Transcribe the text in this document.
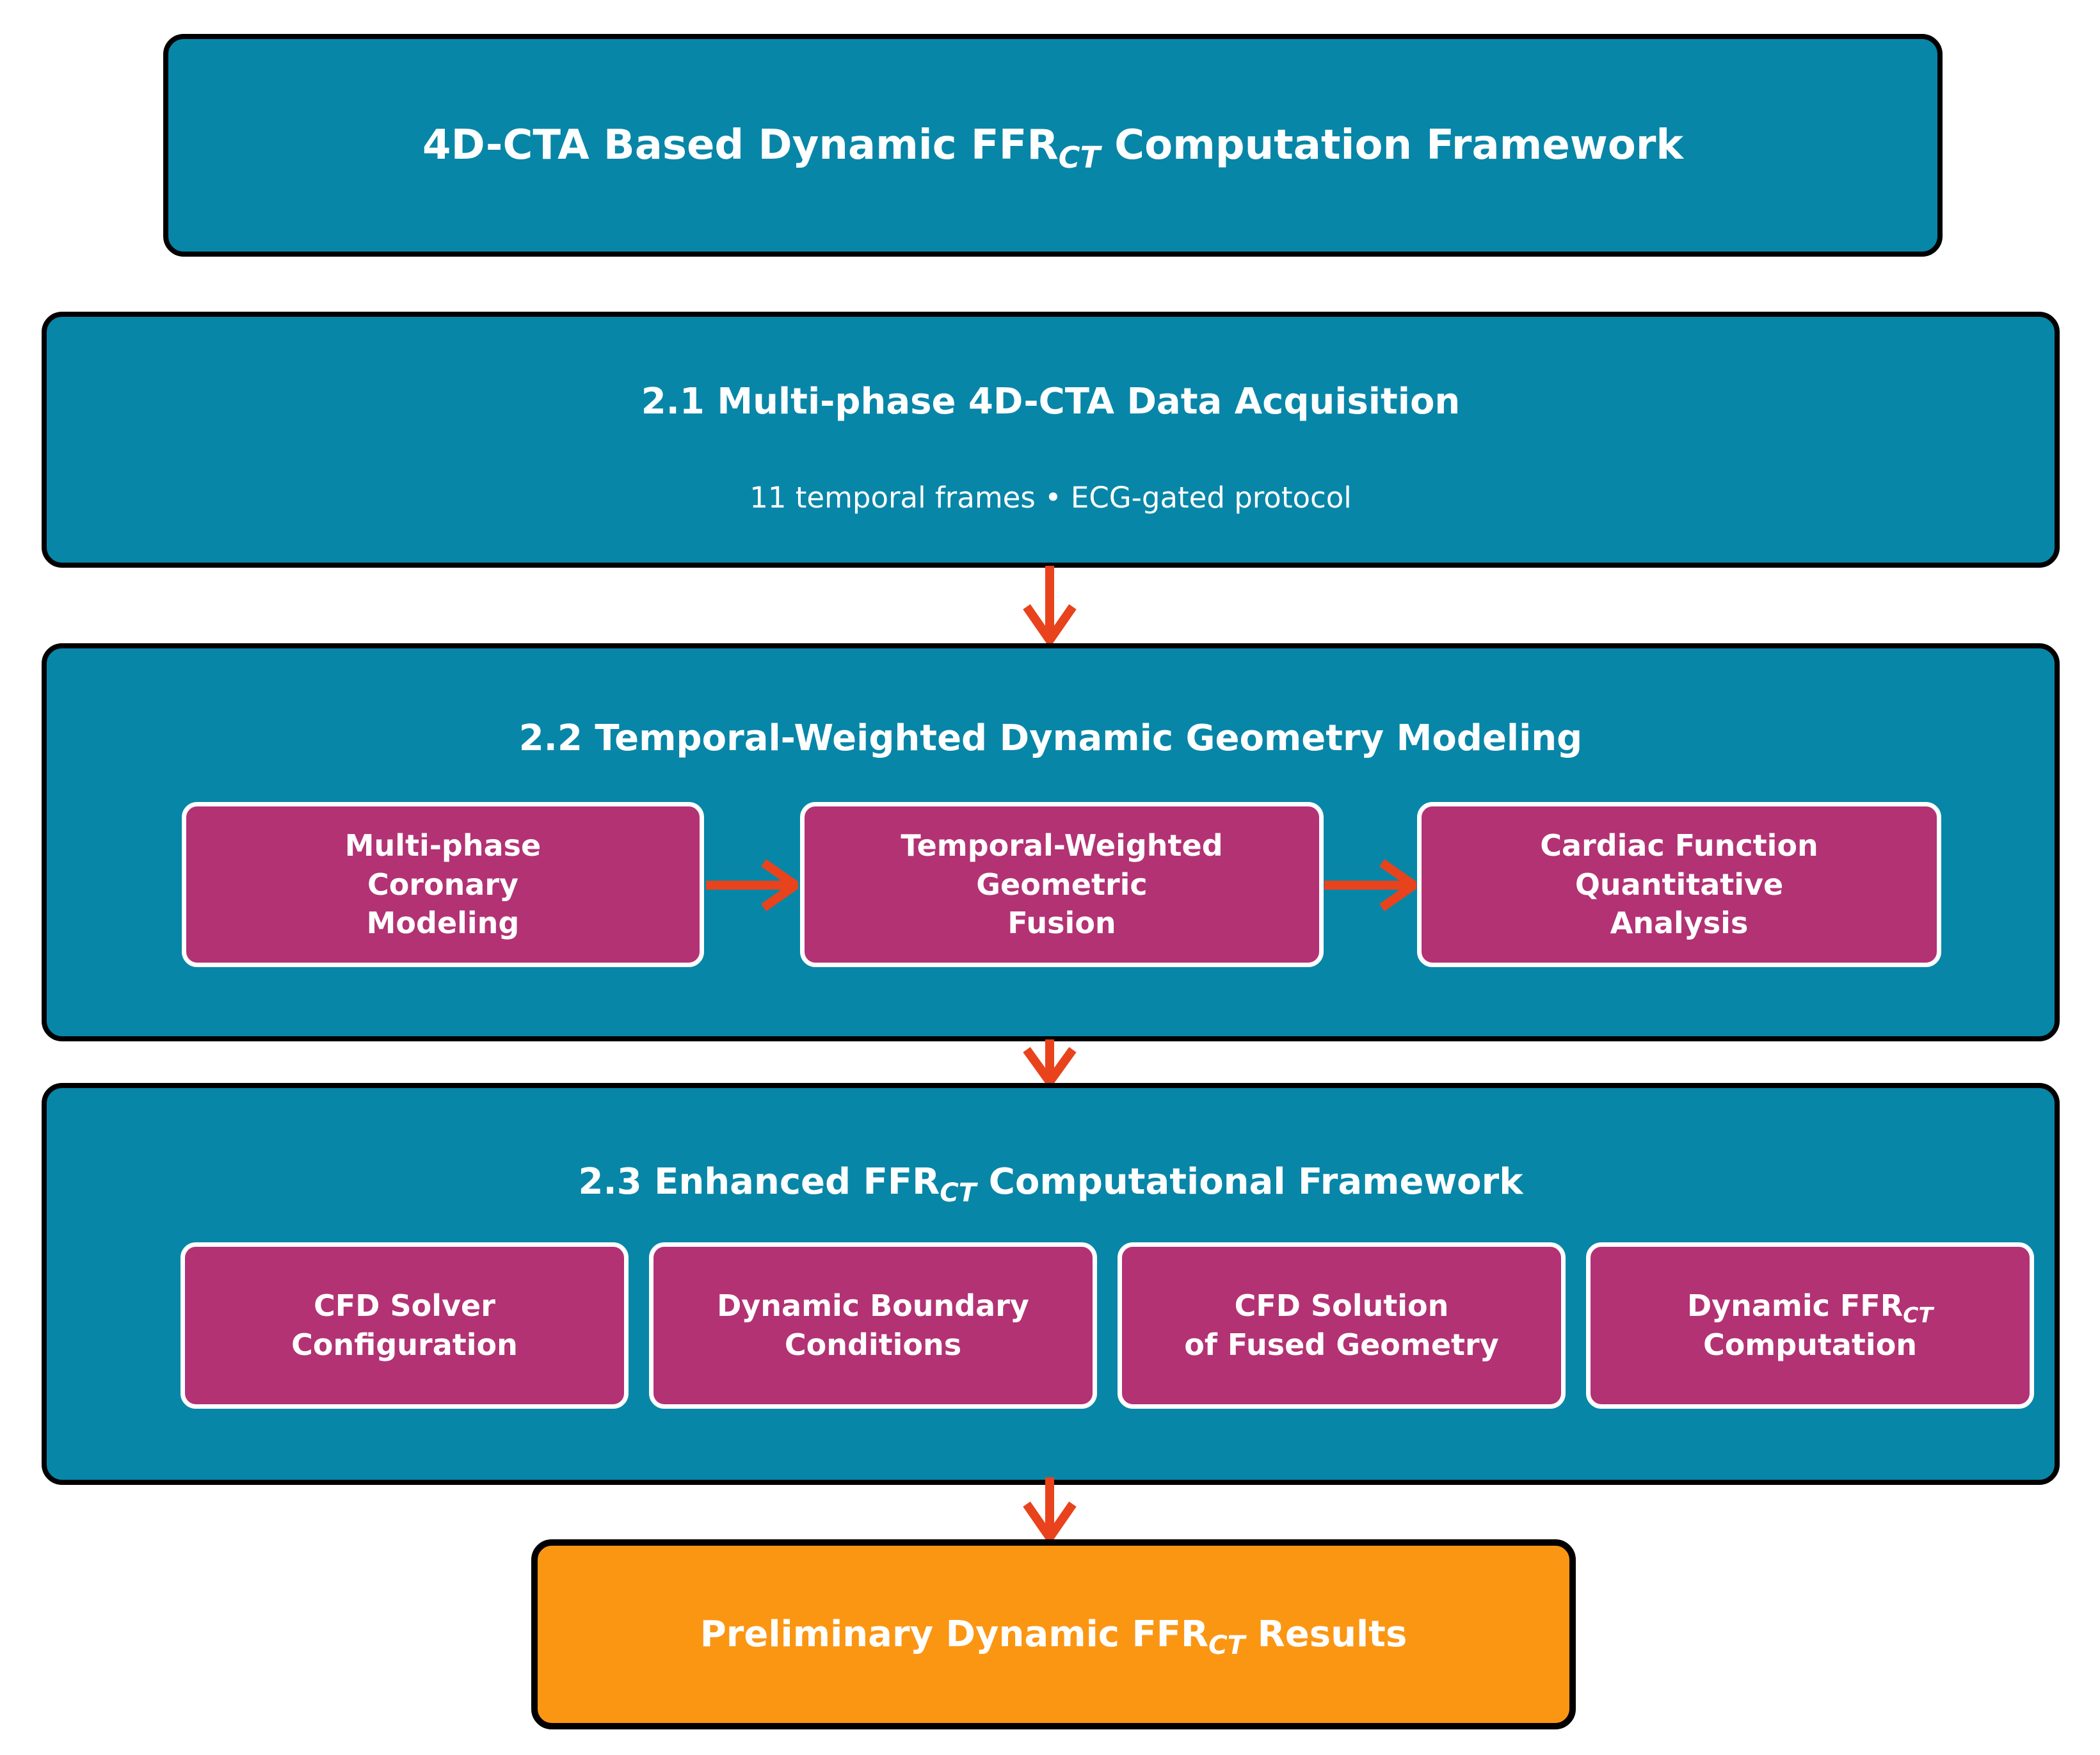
4D-CTA Based Dynamic $FFR_{CT}$ Computation Framework
2.1 Multi-phase 4D-CTA Data Acquisition
11 temporal frames • ECG-gated protocol
2.2 Temporal-Weighted Dynamic Geometry Modeling
Multi-phase
Coronary
Modeling
Temporal-Weighted
Geometric
Fusion
Cardiac Function
Quantitative
Analysis
2.3 Enhanced $FFR_{CT}$ Computational Framework
CFD Solver
Configuration
Dynamic Boundary
Conditions
CFD Solution
of Fused Geometry
Dynamic $FFR_{CT}$
Computation
Preliminary Dynamic $FFR_{CT}$ Results
